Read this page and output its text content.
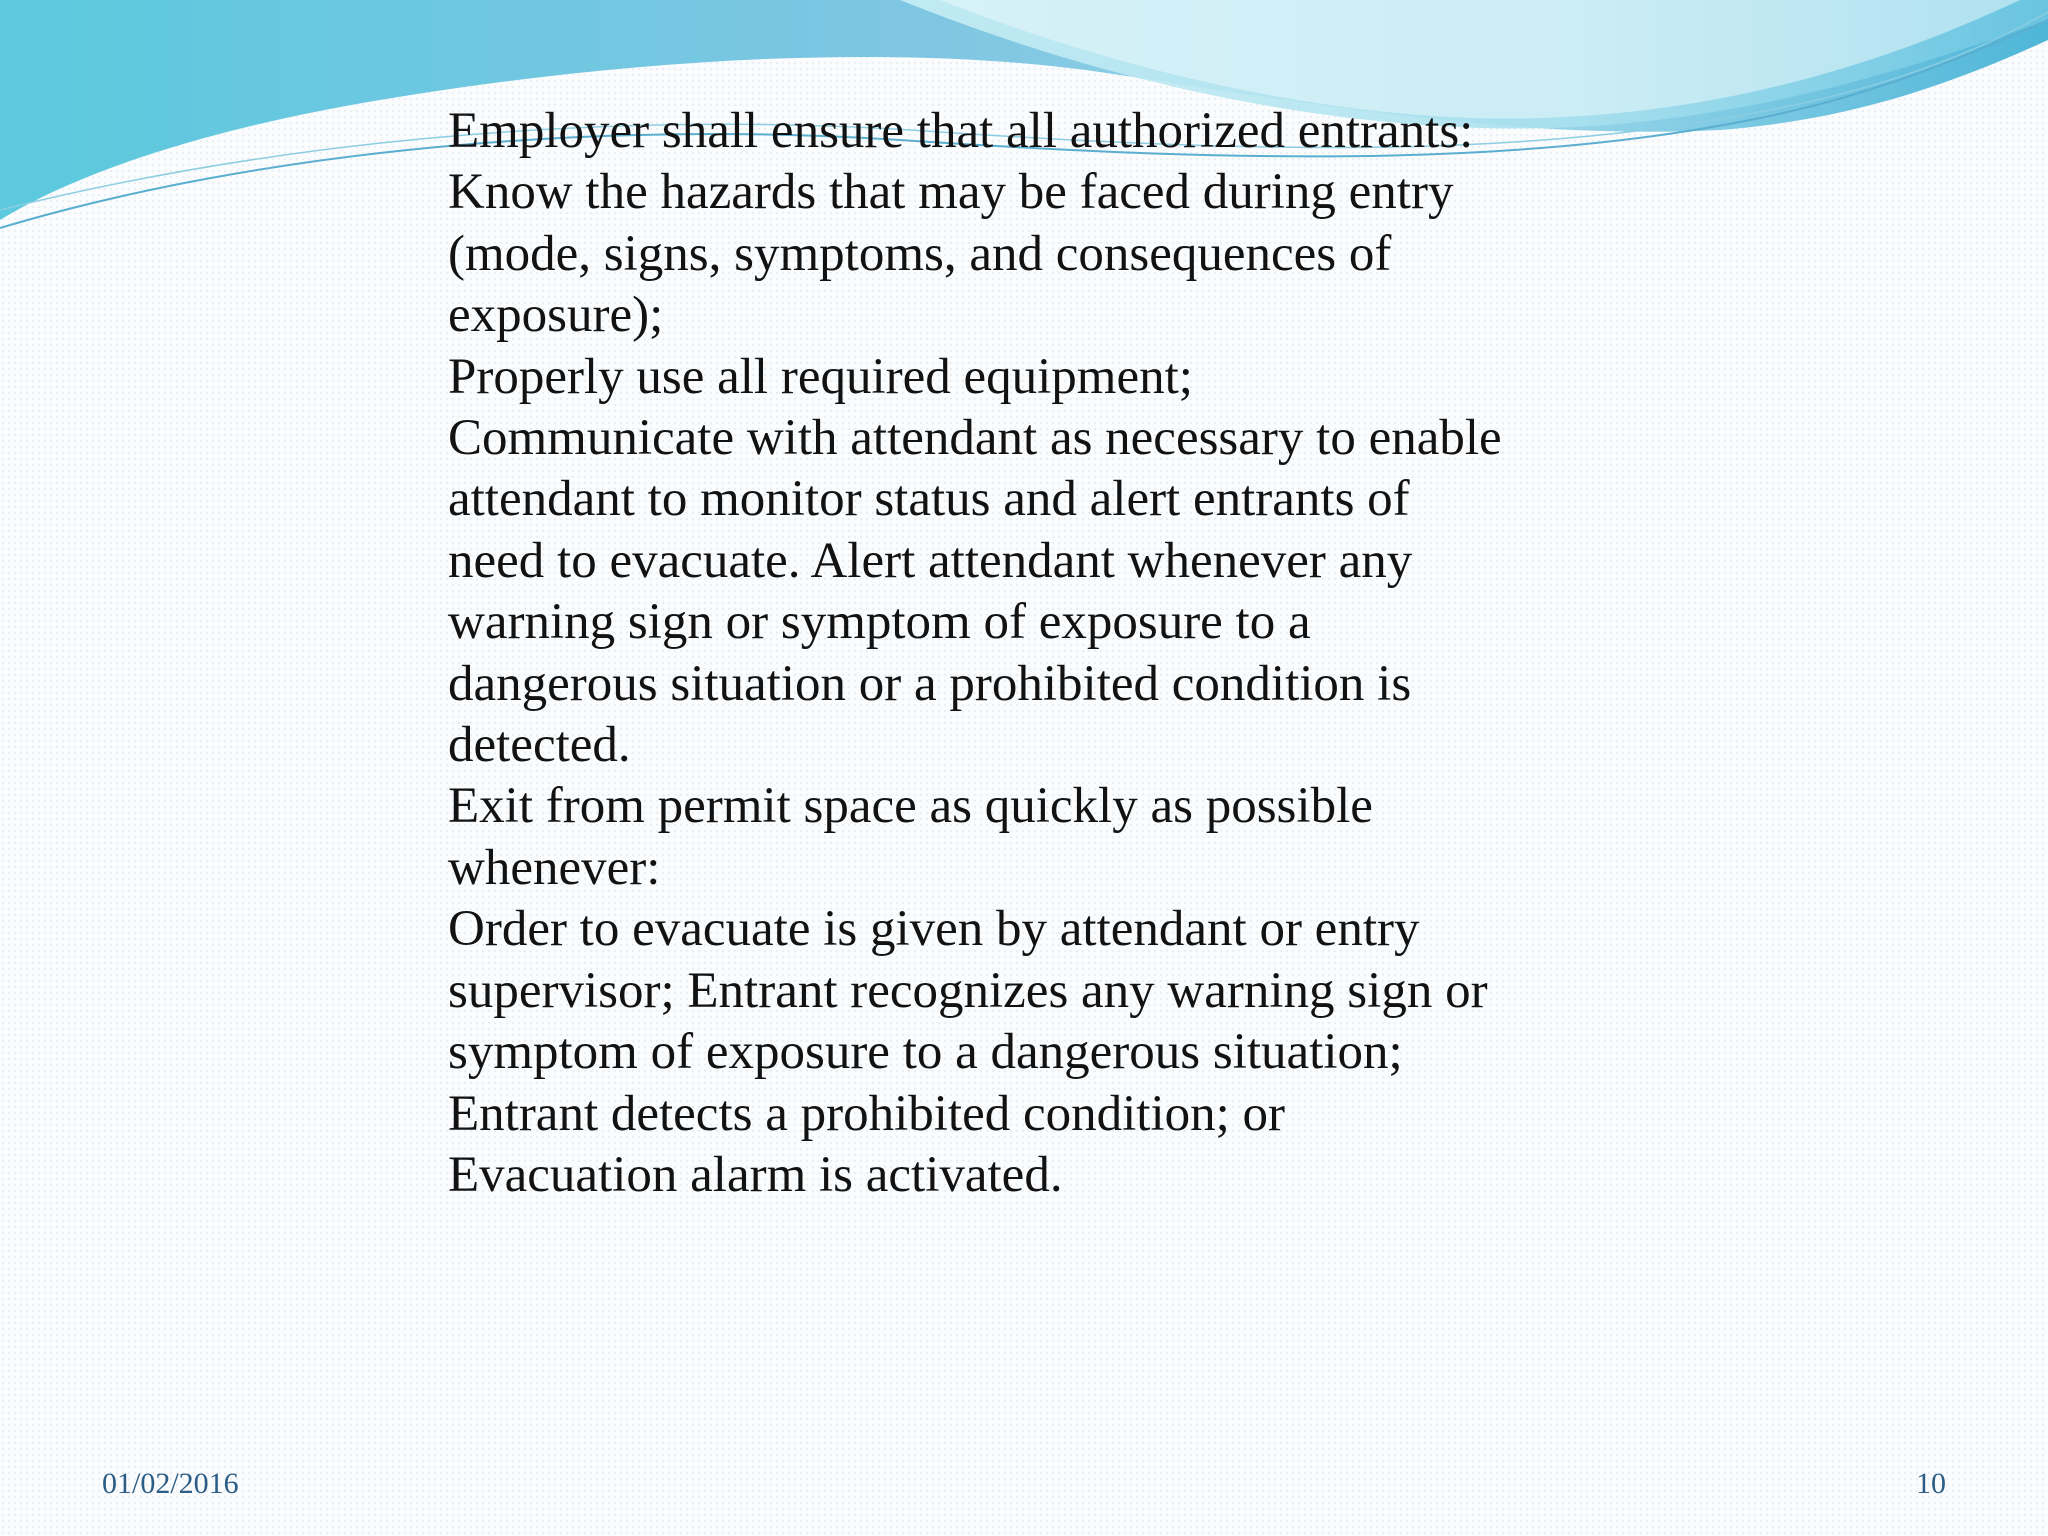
Employer shall ensure that all authorized entrants:
Know the hazards that may be faced during entry (mode, signs, symptoms, and consequences of exposure);
Properly use all required equipment;
Communicate with attendant as necessary to enable attendant to monitor status and alert entrants of need to evacuate. Alert attendant whenever any warning sign or symptom of exposure to a dangerous situation or a prohibited condition is detected.
Exit from permit space as quickly as possible whenever:
Order to evacuate is given by attendant or entry supervisor; Entrant recognizes any warning sign or symptom of exposure to a dangerous situation;
Entrant detects a prohibited condition; or
Evacuation alarm is activated.
01/02/2016	10
